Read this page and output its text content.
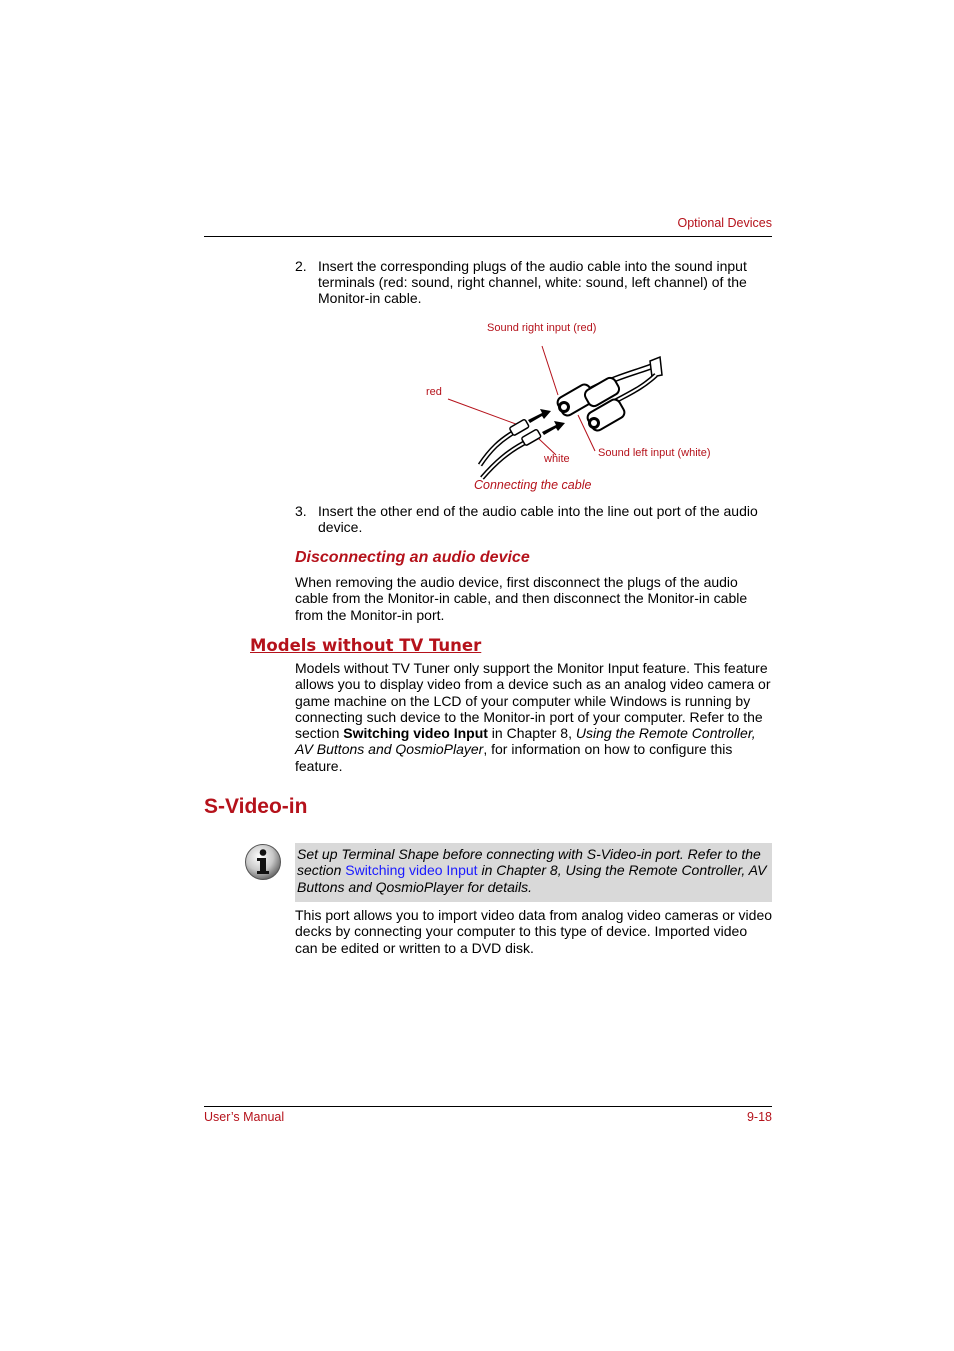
Optional Devices
2. Insert the corresponding plugs of the audio cable into the sound input terminals (red: sound, right channel, white: sound, left channel) of the Monitor-in cable.
Sound right input (red)
red
white	Sound left input (white)
Connecting the cable
3. Insert the other end of the audio cable into the line out port of the audio device.
Disconnecting an audio device
When removing the audio device, first disconnect the plugs of the audio cable from the Monitor-in cable, and then disconnect the Monitor-in cable from the Monitor-in port.
Models without TV Tuner
Models without TV Tuner only support the Monitor Input feature. This feature allows you to display video from a device such as an analog video camera or game machine on the LCD of your computer while Windows is running by connecting such device to the Monitor-in port of your computer. Refer to the section Switching video Input in Chapter 8, Using the Remote Controller, AV Buttons and QosmioPlayer, for information on how to configure this feature.
S-Video-in
Set up Terminal Shape before connecting with S-Video-in port. Refer to the section Switching video Input in Chapter 8, Using the Remote Controller, AV Buttons and QosmioPlayer for details.
This port allows you to import video data from analog video cameras or video decks by connecting your computer to this type of device. Imported video can be edited or written to a DVD disk.
User’s Manual	9-18
